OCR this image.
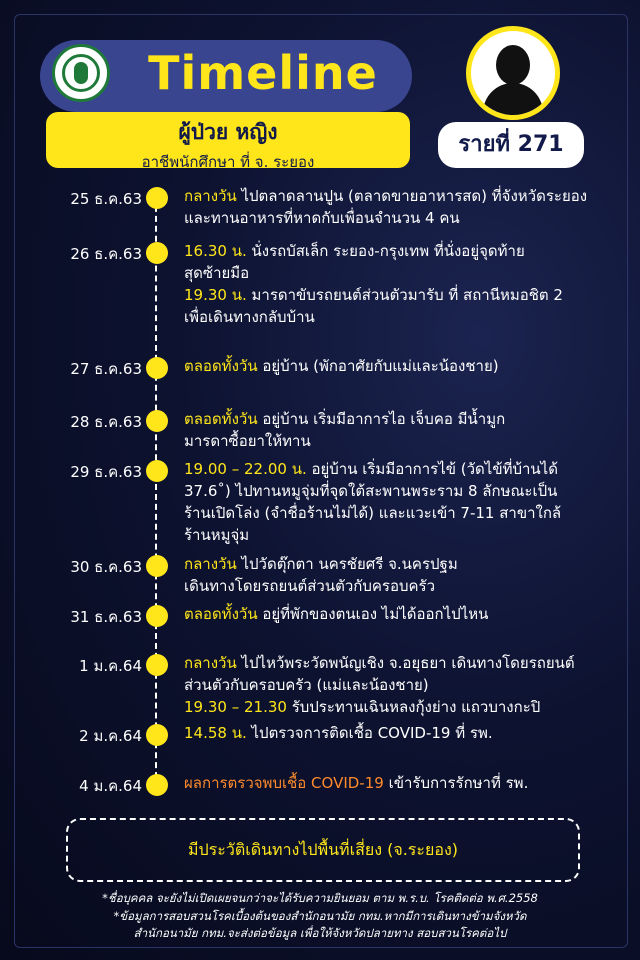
Timeline
ผู้ป่วย หญิง
อาชีพนักศึกษา ที่ จ. ระยอง
รายที่ 271
25 ธ.ค.63	กลางวัน ไปตลาดลานปูน (ตลาดขายอาหารสด) ที่จังหวัดระยอง
และทานอาหารที่หาดกับเพื่อนจำนวน 4 คน
26 ธ.ค.63	16.30 น. นั่งรถบัสเล็ก ระยอง-กรุงเทพ ที่นั่งอยู่จุดท้าย
สุดซ้ายมือ
19.30 น. มารดาขับรถยนต์ส่วนตัวมารับ ที่ สถานีหมอชิต 2
เพื่อเดินทางกลับบ้าน
27 ธ.ค.63	ตลอดทั้งวัน อยู่บ้าน (พักอาศัยกับแม่และน้องชาย)
28 ธ.ค.63	ตลอดทั้งวัน อยู่บ้าน เริ่มมีอาการไอ เจ็บคอ มีน้ำมูก
มารดาซื้อยาให้ทาน
29 ธ.ค.63	19.00 – 22.00 น. อยู่บ้าน เริ่มมีอาการไข้ (วัดไข้ที่บ้านได้
37.6˚) ไปทานหมูจุ่มที่จุดใต้สะพานพระราม 8 ลักษณะเป็น
ร้านเปิดโล่ง (จำชื่อร้านไม่ได้) และแวะเข้า 7-11 สาขาใกล้
ร้านหมูจุ่ม
30 ธ.ค.63	กลางวัน ไปวัดตุ๊กตา นครชัยศรี จ.นครปฐม
เดินทางโดยรถยนต์ส่วนตัวกับครอบครัว
31 ธ.ค.63	ตลอดทั้งวัน อยู่ที่พักของตนเอง ไม่ได้ออกไปไหน
1 ม.ค.64	กลางวัน ไปไหว้พระวัดพนัญเชิง จ.อยุธยา เดินทางโดยรถยนต์
ส่วนตัวกับครอบครัว (แม่และน้องชาย)
19.30 – 21.30 รับประทานเฉินหลงกุ้งย่าง แถวบางกะปิ
2 ม.ค.64	14.58 น. ไปตรวจการติดเชื้อ COVID-19 ที่ รพ.
4 ม.ค.64	ผลการตรวจพบเชื้อ COVID-19 เข้ารับการรักษาที่ รพ.
มีประวัติเดินทางไปพื้นที่เสี่ยง (จ.ระยอง)
*ชื่อบุคคล จะยังไม่เปิดเผยจนกว่าจะได้รับความยินยอม ตาม พ.ร.บ. โรคติดต่อ พ.ศ.2558
*ข้อมูลการสอบสวนโรคเบื้องต้นของสำนักอนามัย กทม.หากมีการเดินทางข้ามจังหวัด
สำนักอนามัย กทม.จะส่งต่อข้อมูล เพื่อให้จังหวัดปลายทาง สอบสวนโรคต่อไป
